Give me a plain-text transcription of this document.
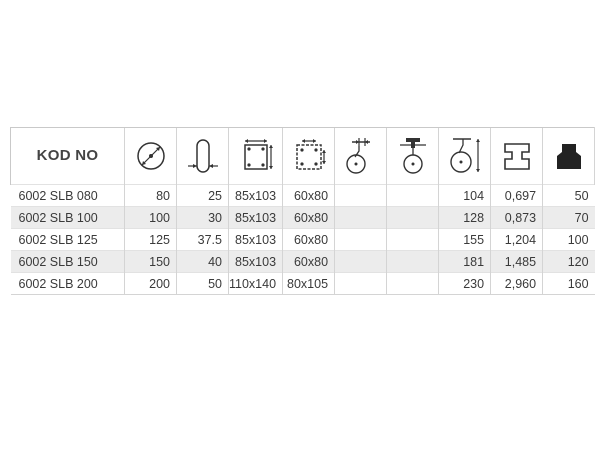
KOD NO	

6002 SLB 080	80	25	85x103	60x80			104	0,697	50
6002 SLB 100	100	30	85x103	60x80			128	0,873	70
6002 SLB 125	125	37.5	85x103	60x80			155	1,204	100
6002 SLB 150	150	40	85x103	60x80			181	1,485	120
6002 SLB 200	200	50	110x140	80x105			230	2,960	160
